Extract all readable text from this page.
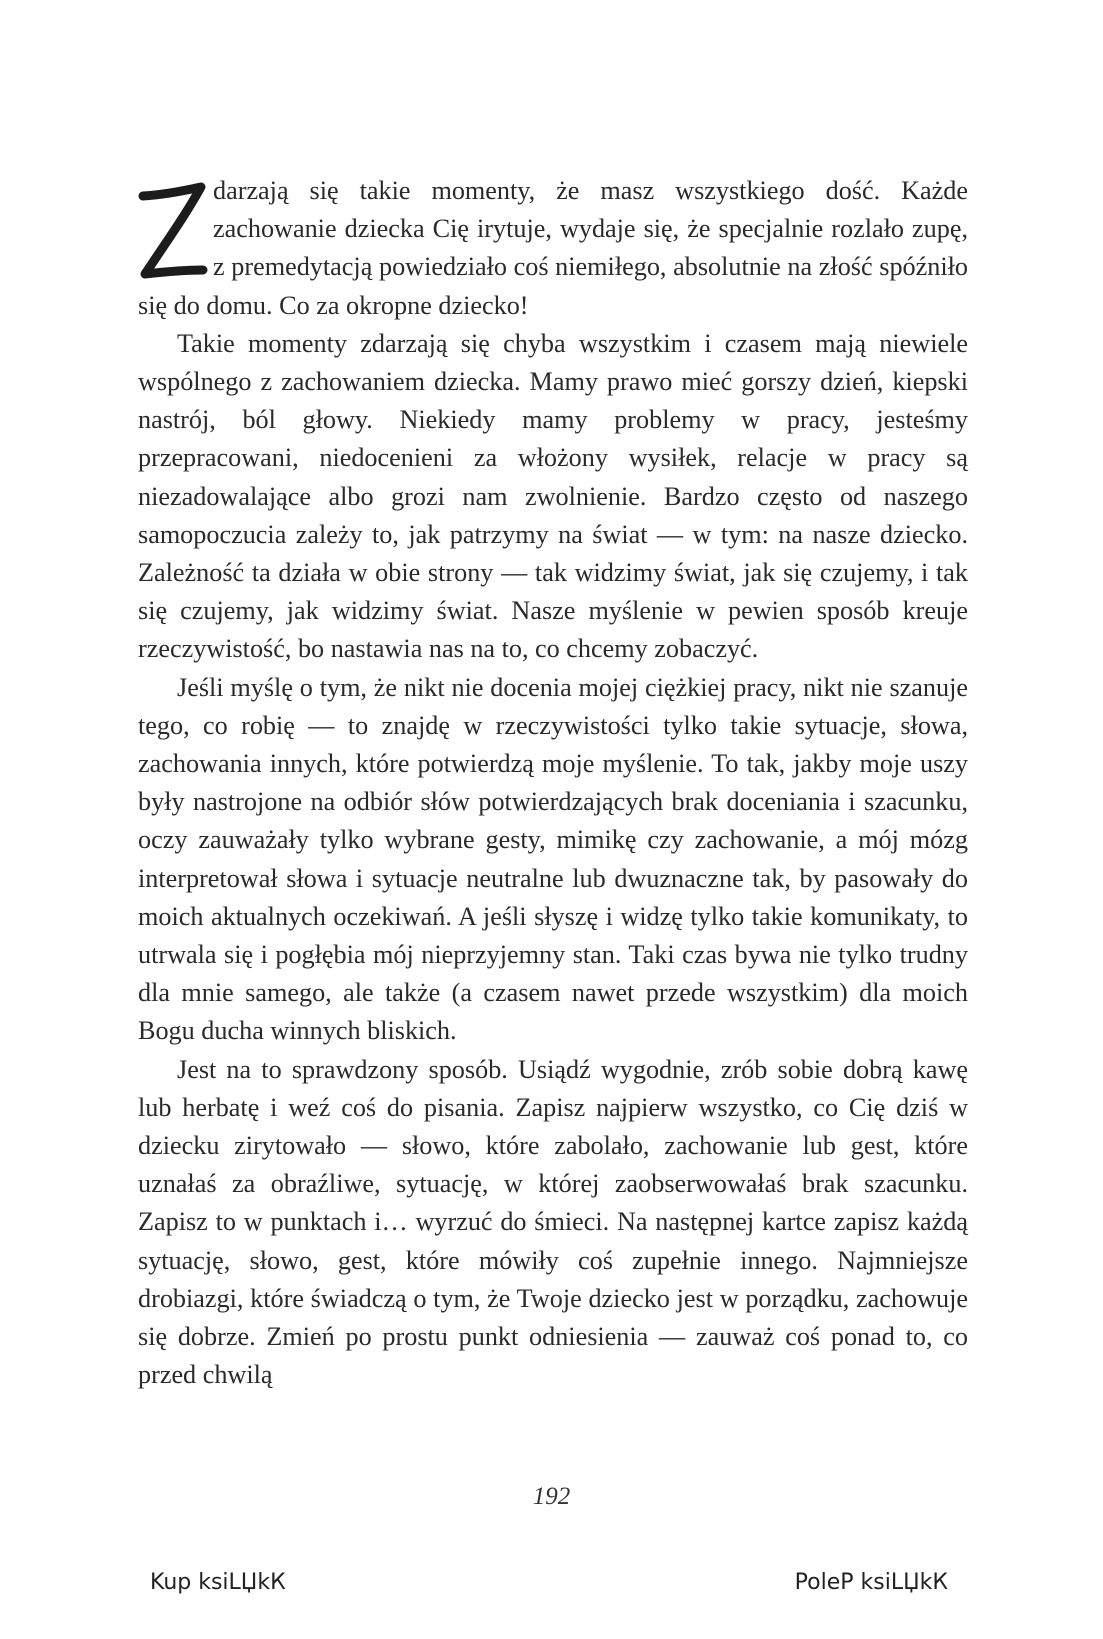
darzają się takie momenty, że masz wszystkiego dość. Każde zachowanie dziecka Cię irytuje, wydaje się, że specjalnie rozlało zupę, z premedytacją powiedziało coś niemiłego, absolutnie na złość spóźniło się do domu. Co za okropne dziecko!

Takie momenty zdarzają się chyba wszystkim i czasem mają niewiele wspólnego z zachowaniem dziecka. Mamy prawo mieć gorszy dzień, kiepski nastrój, ból głowy. Niekiedy mamy problemy w pracy, jesteśmy przepracowani, niedocenieni za włożony wysiłek, relacje w pracy są niezadowalające albo grozi nam zwolnienie. Bardzo często od naszego samopoczucia zależy to, jak patrzymy na świat — w tym: na nasze dziecko. Zależność ta działa w obie strony — tak widzimy świat, jak się czujemy, i tak się czujemy, jak widzimy świat. Nasze myślenie w pewien sposób kreuje rzeczywistość, bo nastawia nas na to, co chcemy zobaczyć.

Jeśli myślę o tym, że nikt nie docenia mojej ciężkiej pracy, nikt nie szanuje tego, co robię — to znajdę w rzeczywistości tylko takie sytuacje, słowa, zachowania innych, które potwierdzą moje myślenie. To tak, jakby moje uszy były nastrojone na odbiór słów potwierdzających brak doceniania i szacunku, oczy zauważały tylko wybrane gesty, mimikę czy zachowanie, a mój mózg interpretował słowa i sytuacje neutralne lub dwuznaczne tak, by pasowały do moich aktualnych oczekiwań. A jeśli słyszę i widzę tylko takie komunikaty, to utrwala się i pogłębia mój nieprzyjemny stan. Taki czas bywa nie tylko trudny dla mnie samego, ale także (a czasem nawet przede wszystkim) dla moich Bogu ducha winnych bliskich.

Jest na to sprawdzony sposób. Usiądź wygodnie, zrób sobie dobrą kawę lub herbatę i weź coś do pisania. Zapisz najpierw wszystko, co Cię dziś w dziecku zirytowało — słowo, które zabolało, zachowanie lub gest, które uznałaś za obraźliwe, sytuację, w której zaobserwowałaś brak szacunku. Zapisz to w punktach i… wyrzuć do śmieci. Na następnej kartce zapisz każdą sytuację, słowo, gest, które mówiły coś zupełnie innego. Najmniejsze drobiazgi, które świadczą o tym, że Twoje dziecko jest w porządku, zachowuje się dobrze. Zmień po prostu punkt odniesienia — zauważ coś ponad to, co przed chwilą

192

Kup ksiLЏkК	PoleР ksiLЏkК
